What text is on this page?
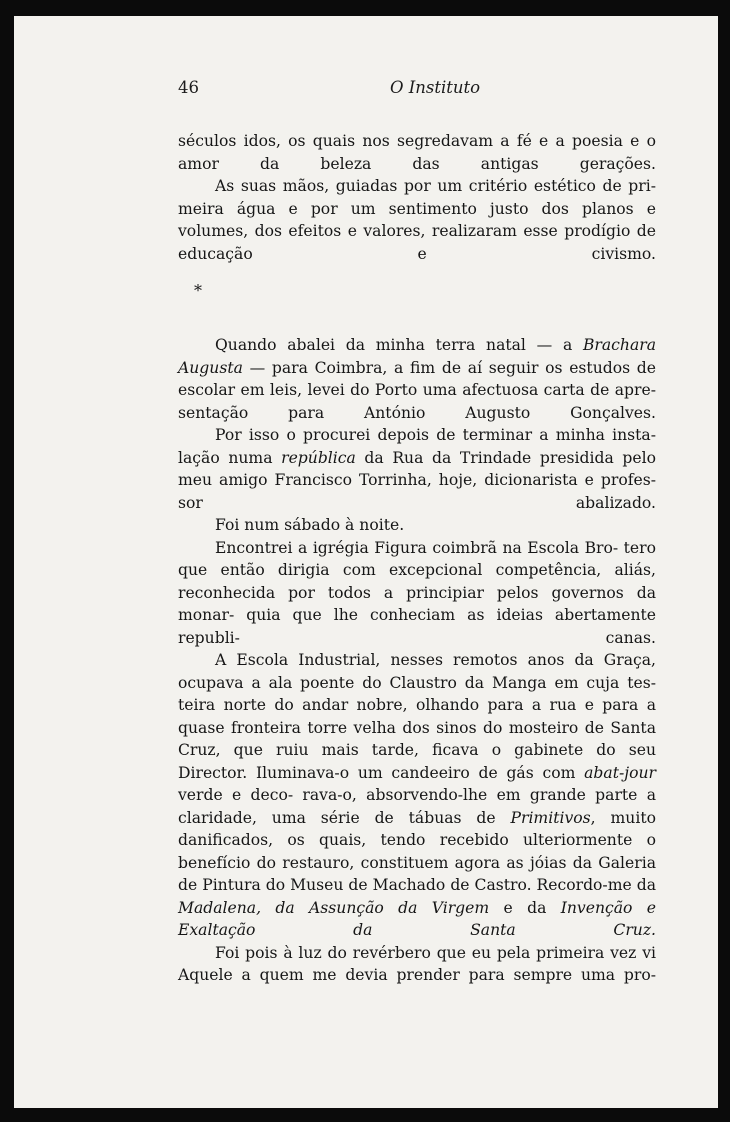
46	O Instituto

séculos idos, os quais nos segredavam a fé e a poesia e o amor	da beleza das antigas gerações.

As suas mãos, guiadas por um critério estético de pri- meira água e por um sentimento justo dos planos e volumes, dos efeitos e valores, realizaram esse prodígio de educação	e civismo.

*

Quando abalei da minha terra natal — a Brachara Augusta — para Coimbra, a fim de aí seguir os estudos de escolar em leis, levei do Porto uma afectuosa carta de apre- sentação para António Augusto Gonçalves.

Por isso o procurei depois de terminar a minha insta- lação numa república da Rua da Trindade presidida pelo meu amigo Francisco Torrinha, hoje, dicionarista e profes- sor abalizado.

Foi num sábado à noite.

Encontrei a igrégia Figura coimbrã na Escola Bro- tero que então dirigia com excepcional competência, aliás, reconhecida por todos a principiar pelos governos da monar- quia que lhe conheciam as ideias abertamente republi-	canas.

A Escola Industrial, nesses remotos anos da Graça, ocupava a ala poente do Claustro da Manga em cuja tes- teira norte do andar nobre, olhando para a rua e para a quase fronteira torre velha dos sinos do mosteiro de Santa Cruz, que ruiu mais tarde, ficava o gabinete do seu Director. Iluminava-o um candeeiro de gás com abat-jour verde e deco- rava-o, absorvendo-lhe em grande parte a claridade, uma série de tábuas de Primitivos, muito danificados, os quais, tendo recebido ulteriormente o benefício do restauro, constituem agora as jóias da Galeria de Pintura do Museu de Machado de Castro. Recordo-me da Madalena, da Assunção da Virgem e da Invenção e Exaltação da Santa Cruz.

Foi pois à luz do revérbero que eu pela primeira vez vi Aquele a quem me devia prender para sempre uma pro-
